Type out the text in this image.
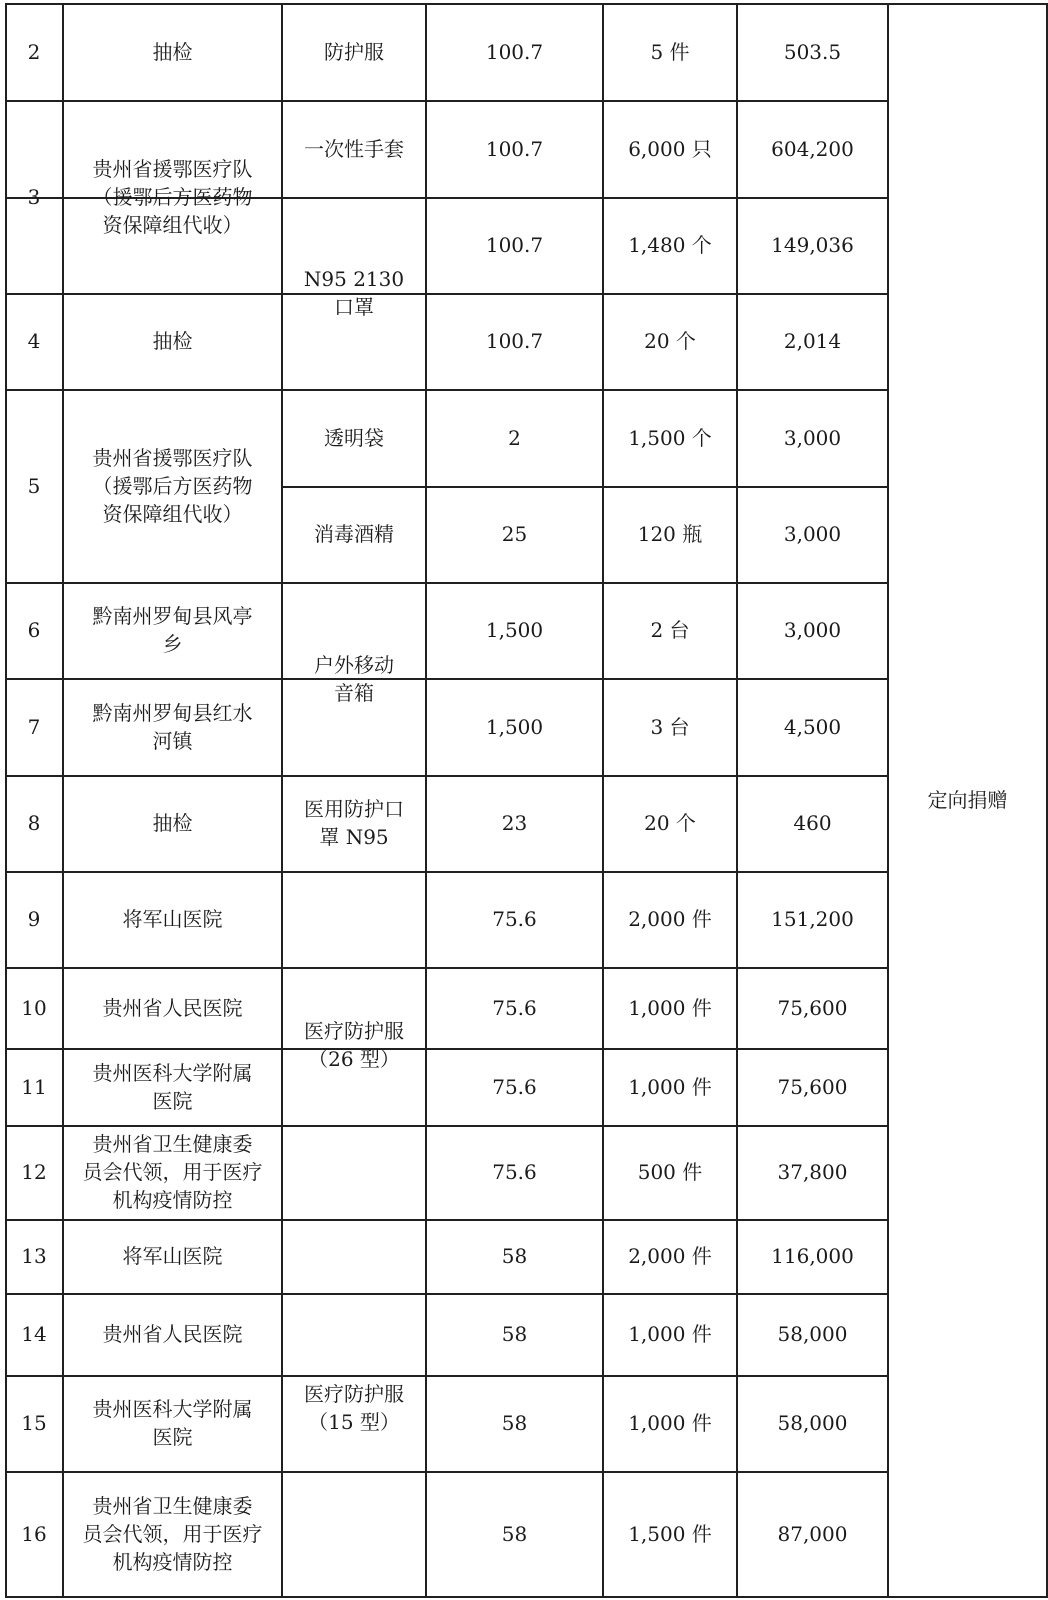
2
3
4
5
6
7
8
9
10
11
12
13
14
15
16
抽检
贵州省援鄂医疗队
（援鄂后方医药物
资保障组代收）
抽检
贵州省援鄂医疗队
（援鄂后方医药物
资保障组代收）
黔南州罗甸县风亭
乡
黔南州罗甸县红水
河镇
抽检
将军山医院
贵州省人民医院
贵州医科大学附属
医院
贵州省卫生健康委
员会代领，用于医疗
机构疫情防控
将军山医院
贵州省人民医院
贵州医科大学附属
医院
贵州省卫生健康委
员会代领，用于医疗
机构疫情防控
防护服
一次性手套
N95 2130
口罩
透明袋
消毒酒精
户外移动
音箱
医用防护口
罩 N95
医疗防护服
（26 型）
医疗防护服
（15 型）
100.7
100.7
100.7
100.7
2
25
1,500
1,500
23
75.6
75.6
75.6
75.6
58
58
58
58
5 件
6,000 只
1,480 个
20 个
1,500 个
120 瓶
2 台
3 台
20 个
2,000 件
1,000 件
1,000 件
500 件
2,000 件
1,000 件
1,000 件
1,500 件
503.5
604,200
149,036
2,014
3,000
3,000
3,000
4,500
460
151,200
75,600
75,600
37,800
116,000
58,000
58,000
87,000
定向捐赠
